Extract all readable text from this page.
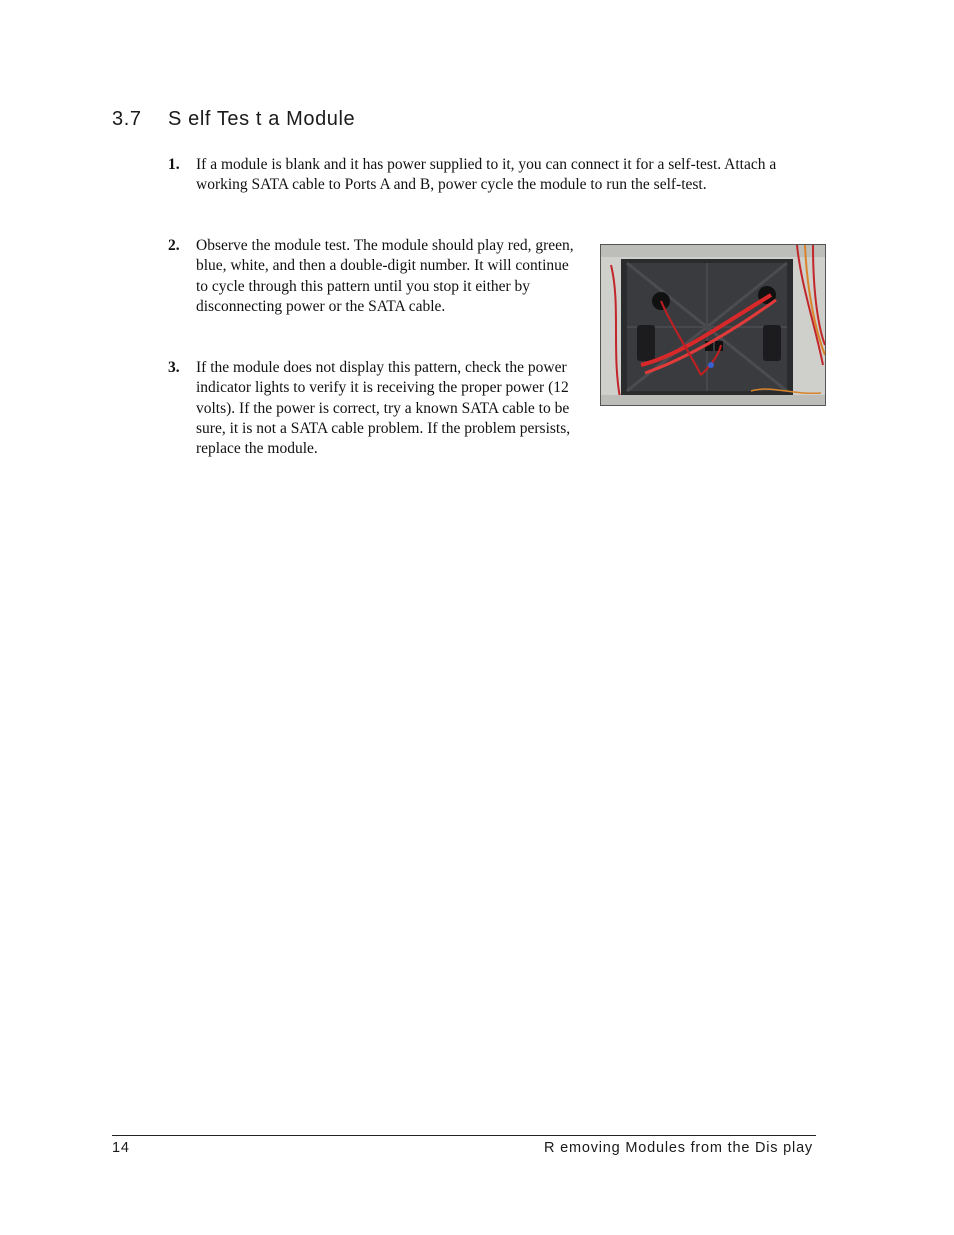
3.7 S elf Tes t a Module
1. If a module is blank and it has power supplied to it, you can connect it for a self-test. Attach a working SATA cable to Ports A and B, power cycle the module to run the self-test.
2. Observe the module test. The module should play red, green, blue, white, and then a double-digit number. It will continue to cycle through this pattern until you stop it either by disconnecting power or the SATA cable.
3. If the module does not display this pattern, check the power indicator lights to verify it is receiving the proper power (12 volts). If the power is correct, try a known SATA cable to be sure, it is not a SATA cable problem. If the problem persists, replace the module.
14	R emoving Modules from the Dis play
